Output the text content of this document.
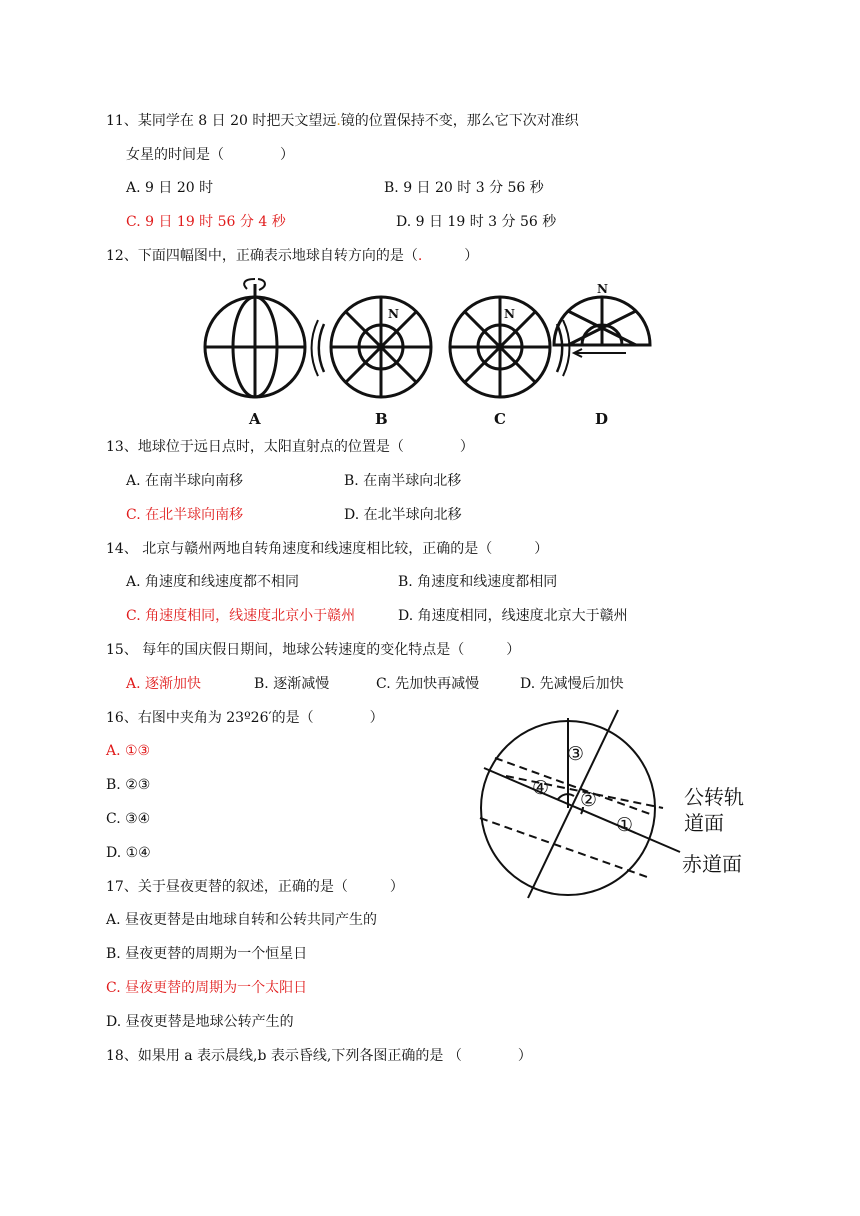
11、某同学在 8 日 20 时把天文望远.镜的位置保持不变，那么它下次对准织
女星的时间是（　　　　）
A. 9 日 20 时	B. 9 日 20 时 3 分 56 秒
C. 9 日 19 时 56 分 4 秒	D. 9 日 19 时 3 分 56 秒
12、下面四幅图中，正确表示地球自转方向的是（.　　　）
A
N
B
N
C
N
D
13、地球位于远日点时，太阳直射点的位置是（　　　　）
A. 在南半球向南移	B. 在南半球向北移
C. 在北半球向南移	D. 在北半球向北移
14、 北京与赣州两地自转角速度和线速度相比较，正确的是（　　　）
A. 角速度和线速度都不相同	B. 角速度和线速度都相同
C. 角速度相同，线速度北京小于赣州	D. 角速度相同，线速度北京大于赣州
15、 每年的国庆假日期间，地球公转速度的变化特点是（　　　）
A. 逐渐加快	B. 逐渐减慢	C. 先加快再减慢	D. 先减慢后加快
16、右图中夹角为 23º26′的是（　　　　）
A. ①③
B. ②③
C. ③④
D. ①④
③
④
②
①
公转轨
道面
赤道面
17、关于昼夜更替的叙述，正确的是（　　　）
A. 昼夜更替是由地球自转和公转共同产生的
B. 昼夜更替的周期为一个恒星日
C. 昼夜更替的周期为一个太阳日
D. 昼夜更替是地球公转产生的
18、如果用 a 表示晨线,b 表示昏线,下列各图正确的是 （　　　　）
